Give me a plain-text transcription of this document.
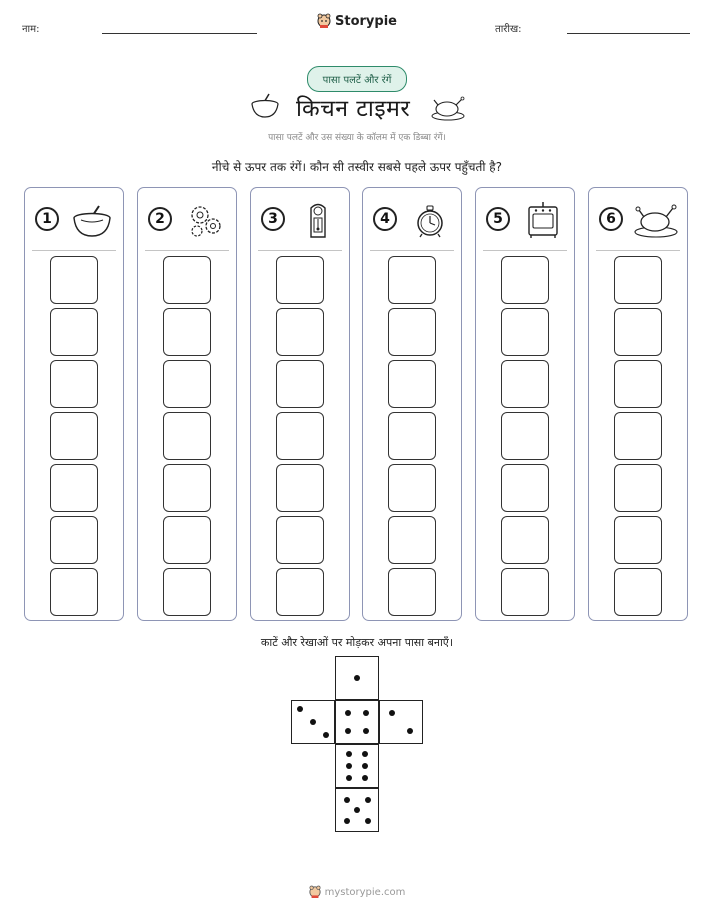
नाम:
Storypie
तारीख:
पासा पलटें और रंगें
किचन टाइमर
पासा पलटें और उस संख्या के कॉलम में एक डिब्बा रंगें।
नीचे से ऊपर तक रंगें। कौन सी तस्वीर सबसे पहले ऊपर पहुँचती है?
1	2	3	4	5	6
काटें और रेखाओं पर मोड़कर अपना पासा बनाएँ।
mystorypie.com
